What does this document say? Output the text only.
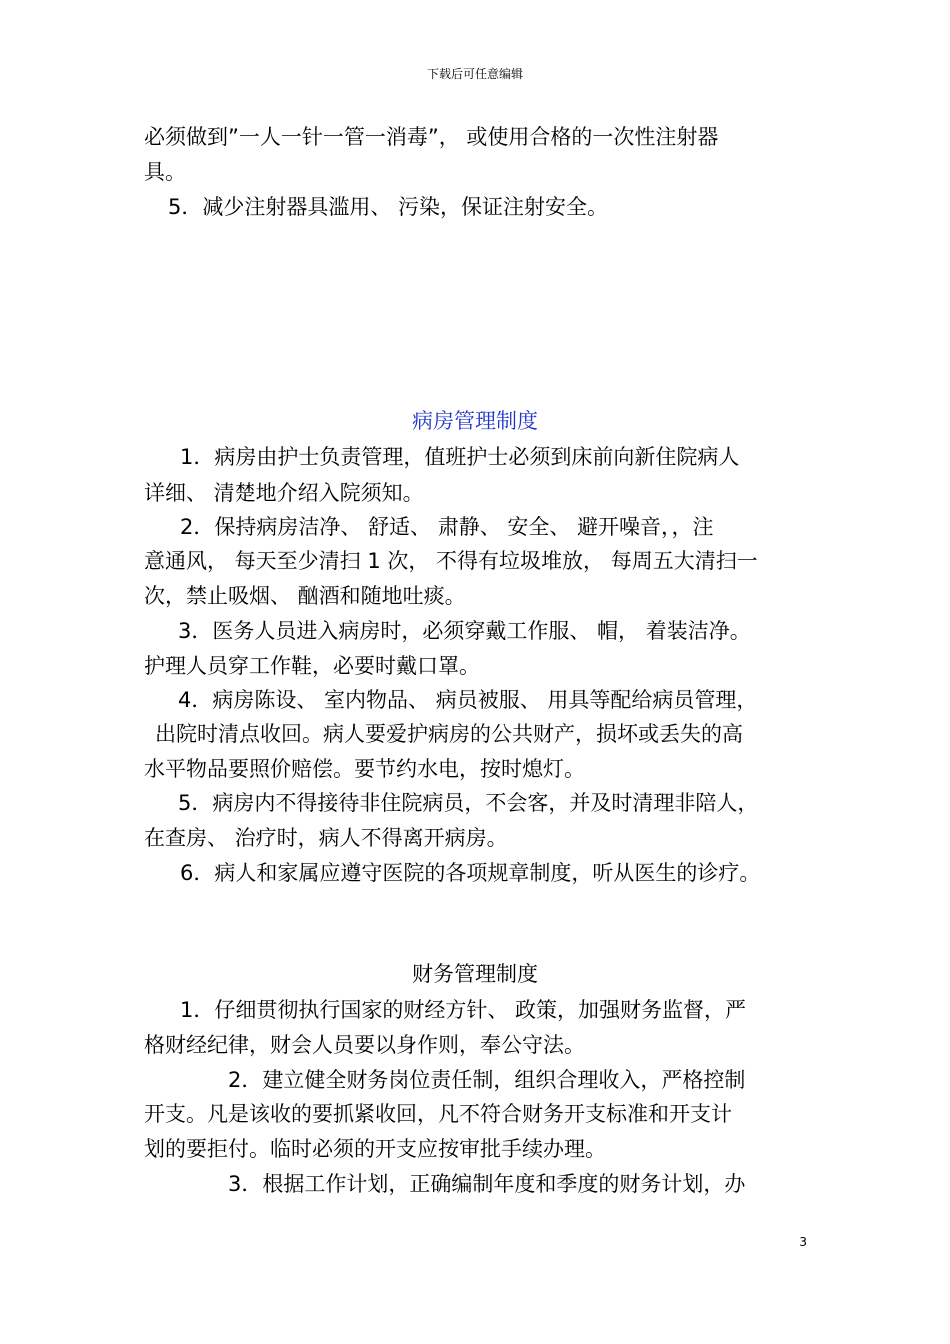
下载后可任意编辑
必须做到”一人一针一管一消毒”， 或使用合格的一次性注射器
具。
5．减少注射器具滥用、 污染，保证注射安全。
病房管理制度
1．病房由护士负责管理，值班护士必须到床前向新住院病人
详细、 清楚地介绍入院须知。
2．保持病房洁净、 舒适、 肃静、 安全、 避开噪音，，注
意通风， 每天至少清扫 1 次， 不得有垃圾堆放， 每周五大清扫一
次，禁止吸烟、 酗酒和随地吐痰。
3．医务人员进入病房时，必须穿戴工作服、 帽， 着装洁净。
护理人员穿工作鞋，必要时戴口罩。
4．病房陈设、 室内物品、 病员被服、 用具等配给病员管理，
出院时清点收回。病人要爱护病房的公共财产，损坏或丢失的高
水平物品要照价赔偿。要节约水电，按时熄灯。
5．病房内不得接待非住院病员，不会客，并及时清理非陪人，
在查房、 治疗时，病人不得离开病房。
6．病人和家属应遵守医院的各项规章制度，听从医生的诊疗。
财务管理制度
1．仔细贯彻执行国家的财经方针、 政策，加强财务监督，严
格财经纪律，财会人员要以身作则，奉公守法。
2．建立健全财务岗位责任制，组织合理收入，严格控制
开支。凡是该收的要抓紧收回，凡不符合财务开支标准和开支计
划的要拒付。临时必须的开支应按审批手续办理。
3．根据工作计划，正确编制年度和季度的财务计划，办
3
